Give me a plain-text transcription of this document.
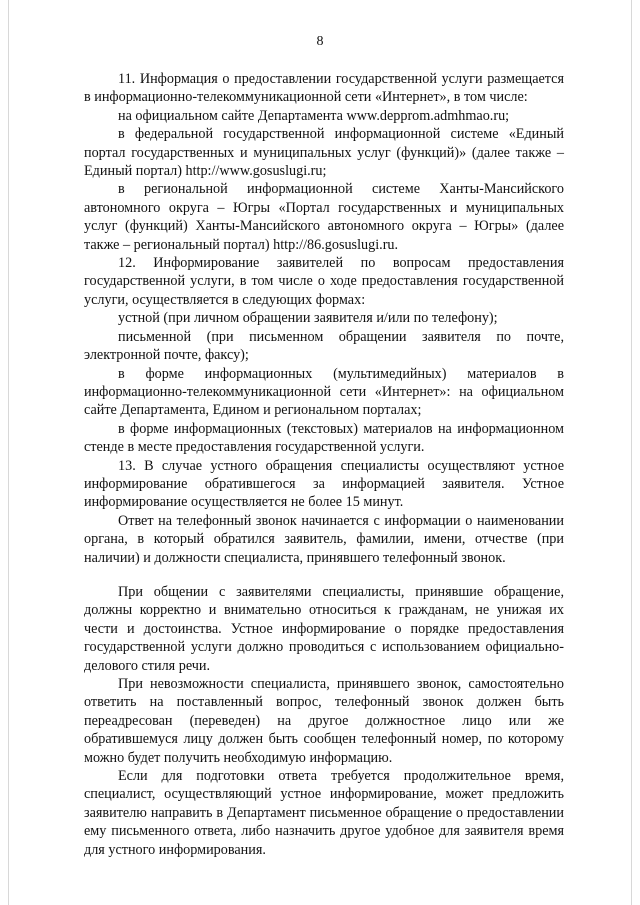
8

11. Информация о предоставлении государственной услуги размещается в информационно-телекоммуникационной сети «Интернет», в том числе:

на официальном сайте Департамента www.depprom.admhmao.ru;

в федеральной государственной информационной системе «Единый портал государственных и муниципальных услуг (функций)» (далее также – Единый портал) http://www.gosuslugi.ru;

в региональной информационной системе Ханты-Мансийского автономного округа – Югры «Портал государственных и муниципальных услуг (функций) Ханты-Мансийского автономного округа – Югры» (далее также – региональный портал) http://86.gosuslugi.ru.

12. Информирование заявителей по вопросам предоставления государственной услуги, в том числе о ходе предоставления государственной услуги, осуществляется в следующих формах:

устной (при личном обращении заявителя и/или по телефону);

письменной (при письменном обращении заявителя по почте, электронной почте, факсу);

в форме информационных (мультимедийных) материалов в информационно-телекоммуникационной сети «Интернет»: на официальном сайте Департамента, Едином и региональном порталах;

в форме информационных (текстовых) материалов на информационном стенде в месте предоставления государственной услуги.

13. В случае устного обращения специалисты осуществляют устное информирование обратившегося за информацией заявителя. Устное информирование осуществляется не более 15 минут.

Ответ на телефонный звонок начинается с информации о наименовании органа, в который обратился заявитель, фамилии, имени, отчестве (при наличии) и должности специалиста, принявшего телефонный звонок.

При общении с заявителями специалисты, принявшие обращение, должны корректно и внимательно относиться к гражданам, не унижая их чести и достоинства. Устное информирование о порядке предоставления государственной услуги должно проводиться с использованием официально-делового стиля речи.

При невозможности специалиста, принявшего звонок, самостоятельно ответить на поставленный вопрос, телефонный звонок должен быть переадресован (переведен) на другое должностное лицо или же обратившемуся лицу должен быть сообщен телефонный номер, по которому можно будет получить необходимую информацию.

Если для подготовки ответа требуется продолжительное время, специалист, осуществляющий устное информирование, может предложить заявителю направить в Департамент письменное обращение о предоставлении ему письменного ответа, либо назначить другое удобное для заявителя время для устного информирования.
